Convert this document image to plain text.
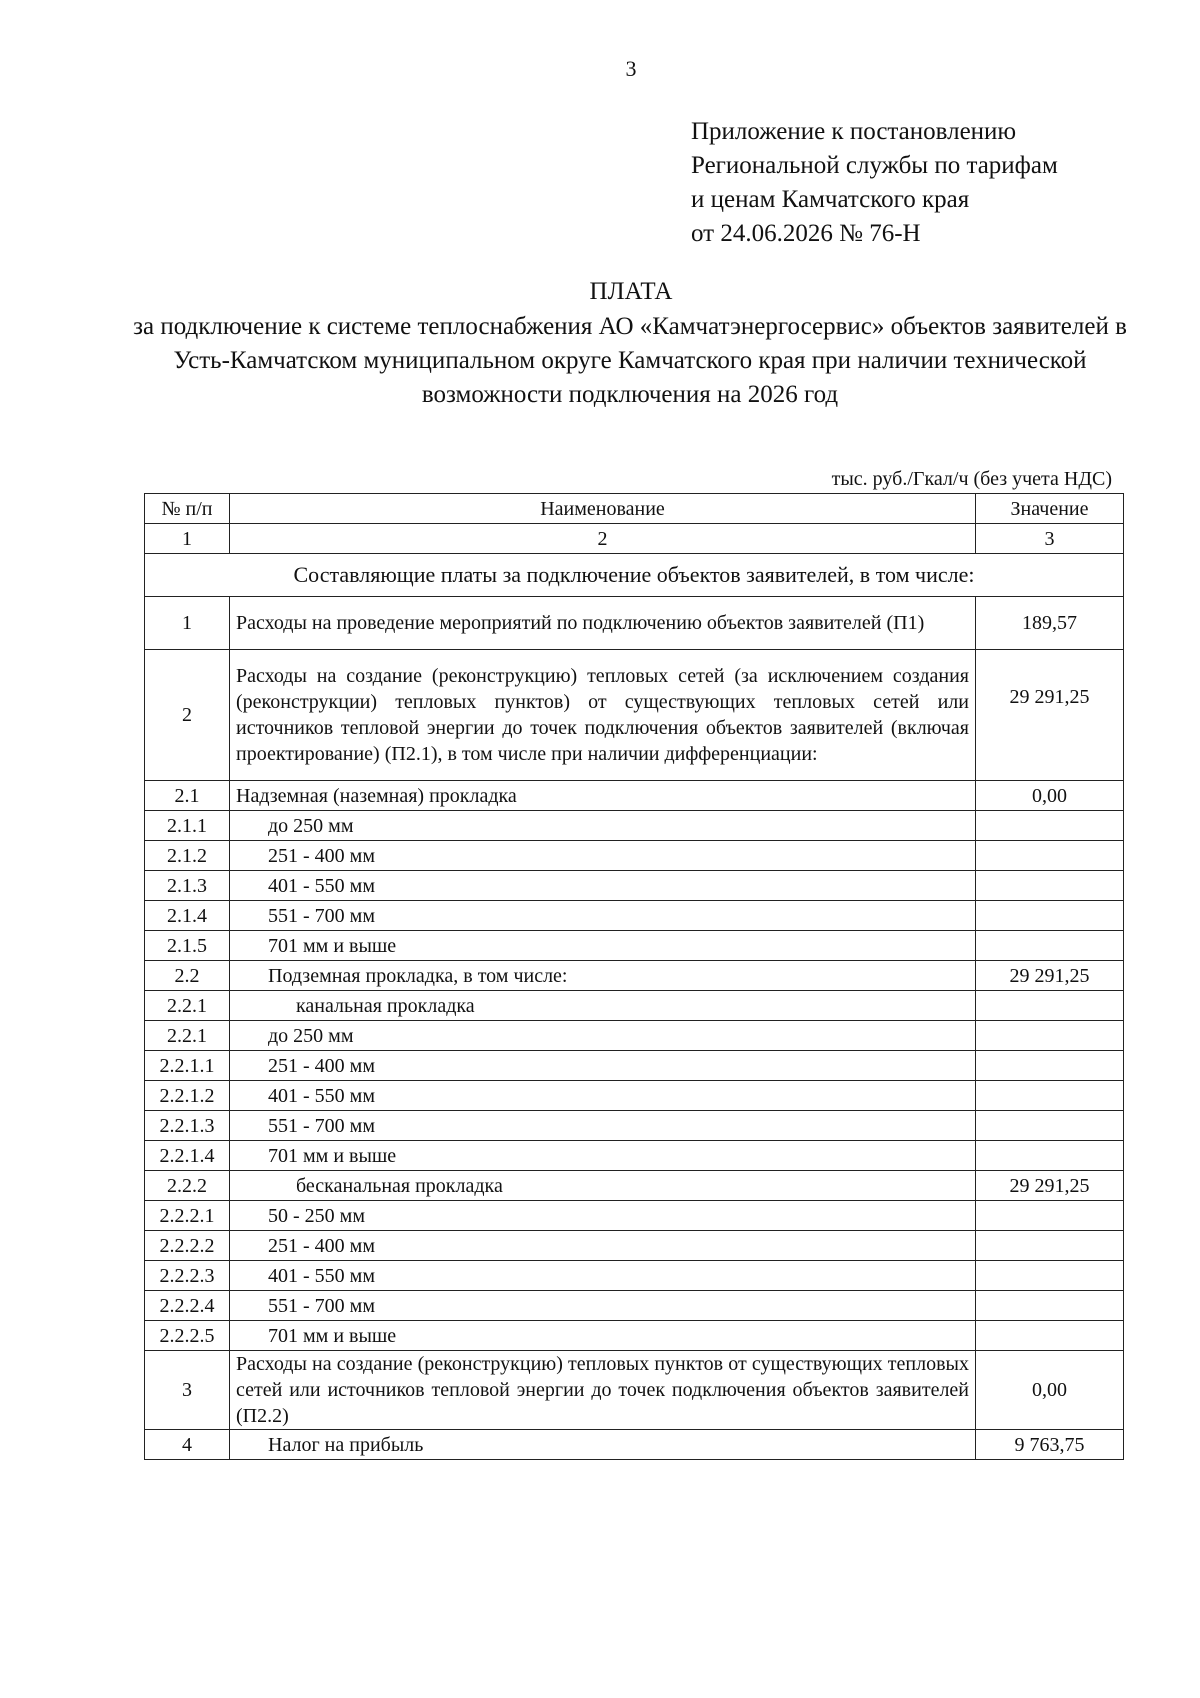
3
Приложение к постановлению
Региональной службы по тарифам
и ценам Камчатского края
от 24.06.2026 № 76-Н
ПЛАТА
за подключение к системе теплоснабжения АО «Камчатэнергосервис» объектов заявителей в Усть-Камчатском муниципальном округе Камчатского края при наличии технической возможности подключения на 2026 год
тыс. руб./Гкал/ч (без учета НДС)
№ п/п	Наименование	Значение
1	2	3
Составляющие платы за подключение объектов заявителей, в том числе:		
1	Расходы на проведение мероприятий по подключению объектов заявителей (П1)	189,57
2	Расходы на создание (реконструкцию) тепловых сетей (за исключением создания (реконструкции) тепловых пунктов) от существующих тепловых сетей или источников тепловой энергии до точек подключения объектов заявителей (включая проектирование) (П2.1), в том числе при наличии дифференциации:	29 291,25
2.1	Надземная (наземная) прокладка	0,00
2.1.1	до 250 мм	
2.1.2	251 - 400 мм	
2.1.3	401 - 550 мм	
2.1.4	551 - 700 мм	
2.1.5	701 мм и выше	
2.2	Подземная прокладка, в том числе:	29 291,25
2.2.1	канальная прокладка	
2.2.1	до 250 мм	
2.2.1.1	251 - 400 мм	
2.2.1.2	401 - 550 мм	
2.2.1.3	551 - 700 мм	
2.2.1.4	701 мм и выше	
2.2.2	бесканальная прокладка	29 291,25
2.2.2.1	50 - 250 мм	
2.2.2.2	251 - 400 мм	
2.2.2.3	401 - 550 мм	
2.2.2.4	551 - 700 мм	
2.2.2.5	701 мм и выше	
3	Расходы на создание (реконструкцию) тепловых пунктов от существующих тепловых сетей или источников тепловой энергии до точек подключения объектов заявителей (П2.2)	0,00
4	Налог на прибыль	9 763,75
